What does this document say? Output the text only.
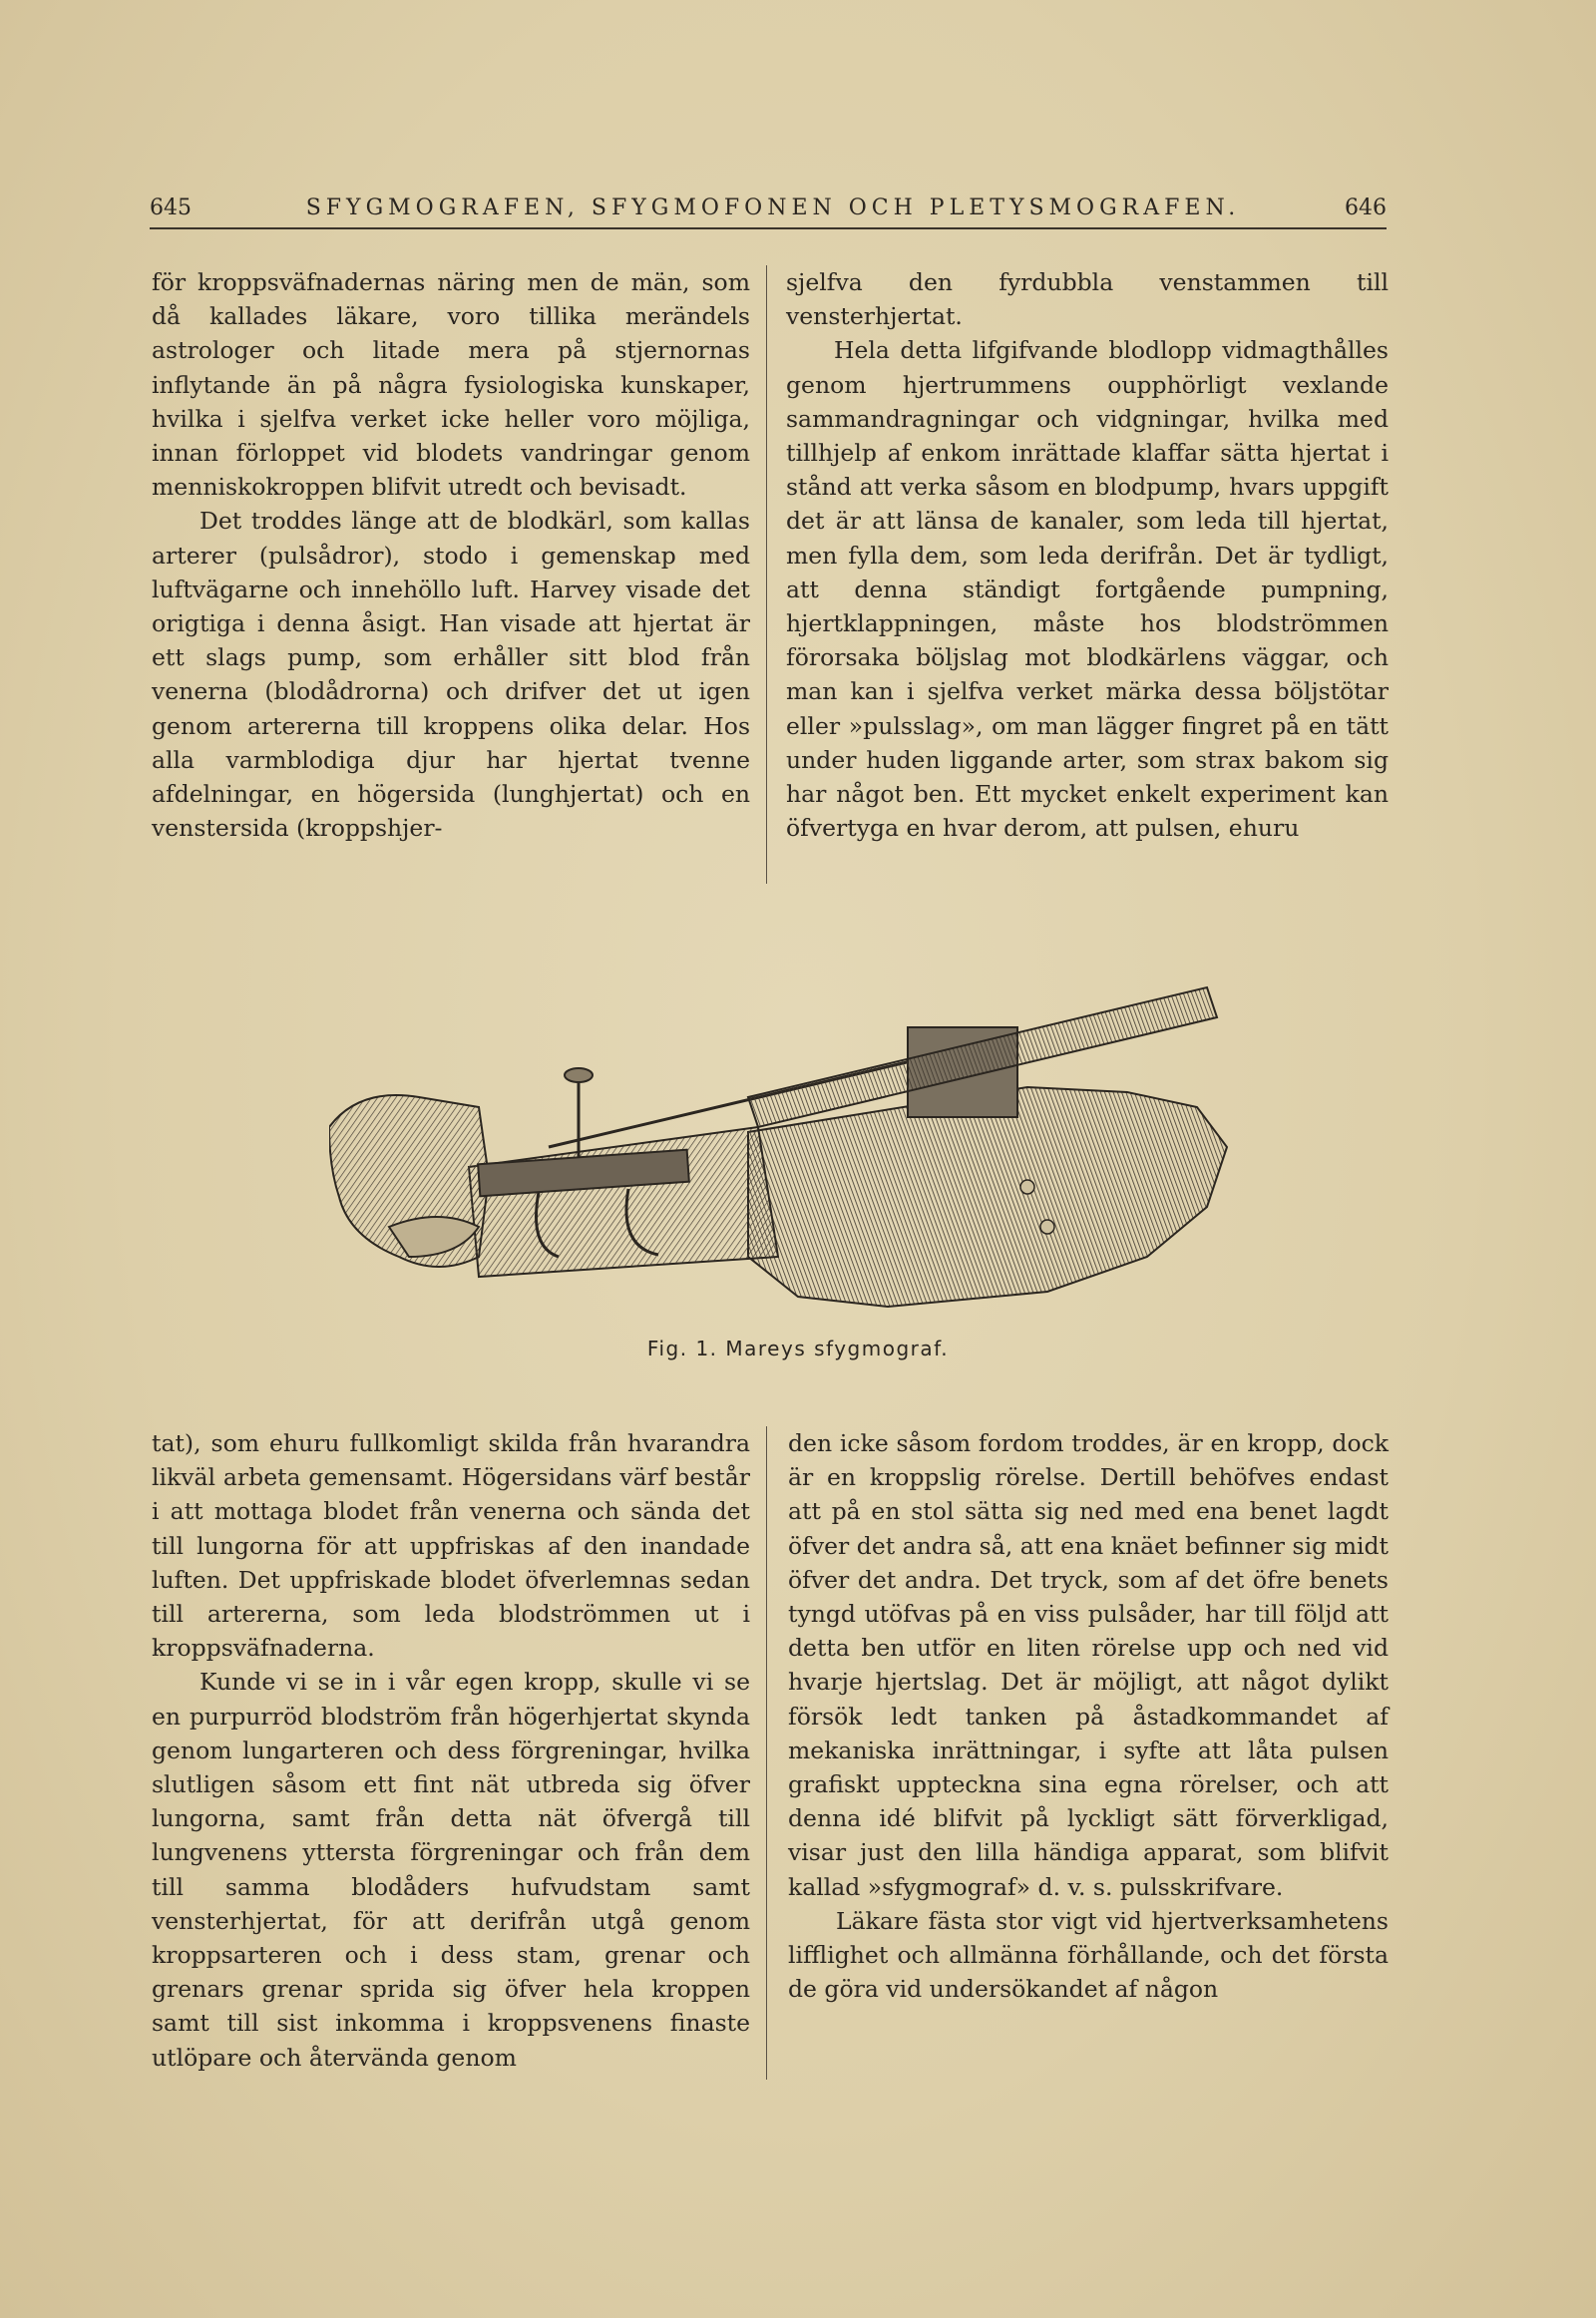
645	SFYGMOGRAFEN, SFYGMOFONEN OCH PLETYSMOGRAFEN.	646

för kroppsväfnadernas näring men de män, som då kallades läkare, voro tillika merändels astrologer och litade mera på stjernornas inflytande än på några fysiologiska kunskaper, hvilka i sjelfva verket icke heller voro möjliga, innan förloppet vid blodets vandringar genom menniskokroppen blifvit utredt och bevisadt.

Det troddes länge att de blodkärl, som kallas arterer (pulsådror), stodo i gemenskap med luftvägarne och innehöllo luft. Harvey visade det origtiga i denna åsigt. Han visade att hjertat är ett slags pump, som erhåller sitt blod från venerna (blodådrorna) och drifver det ut igen genom artererna till kroppens olika delar. Hos alla varmblodiga djur har hjertat tvenne afdelningar, en högersida (lunghjertat) och en venstersida (kroppshjer-

sjelfva den fyrdubbla venstammen till vensterhjertat.

Hela detta lifgifvande blodlopp vidmagthålles genom hjertrummens oupphörligt vexlande sammandragningar och vidgningar, hvilka med tillhjelp af enkom inrättade klaffar sätta hjertat i stånd att verka såsom en blodpump, hvars uppgift det är att länsa de kanaler, som leda till hjertat, men fylla dem, som leda derifrån. Det är tydligt, att denna ständigt fortgående pumpning, hjertklappningen, måste hos blodströmmen förorsaka böljslag mot blodkärlens väggar, och man kan i sjelfva verket märka dessa böljstötar eller »pulsslag», om man lägger fingret på en tätt under huden liggande arter, som strax bakom sig har något ben. Ett mycket enkelt experiment kan öfvertyga en hvar derom, att pulsen, ehuru

Fig. 1. Mareys sfygmograf.

tat), som ehuru fullkomligt skilda från hvarandra likväl arbeta gemensamt. Högersidans värf består i att mottaga blodet från venerna och sända det till lungorna för att uppfriskas af den inandade luften. Det uppfriskade blodet öfverlemnas sedan till artererna, som leda blodströmmen ut i kroppsväfnaderna.

Kunde vi se in i vår egen kropp, skulle vi se en purpurröd blodström från högerhjertat skynda genom lungarteren och dess förgreningar, hvilka slutligen såsom ett fint nät utbreda sig öfver lungorna, samt från detta nät öfvergå till lungvenens yttersta förgreningar och från dem till samma blodåders hufvudstam samt vensterhjertat, för att derifrån utgå genom kroppsarteren och i dess stam, grenar och grenars grenar sprida sig öfver hela kroppen samt till sist inkomma i kroppsvenens finaste utlöpare och återvända genom

den icke såsom fordom troddes, är en kropp, dock är en kroppslig rörelse. Dertill behöfves endast att på en stol sätta sig ned med ena benet lagdt öfver det andra så, att ena knäet befinner sig midt öfver det andra. Det tryck, som af det öfre benets tyngd utöfvas på en viss pulsåder, har till följd att detta ben utför en liten rörelse upp och ned vid hvarje hjertslag. Det är möjligt, att något dylikt försök ledt tanken på åstadkommandet af mekaniska inrättningar, i syfte att låta pulsen grafiskt uppteckna sina egna rörelser, och att denna idé blifvit på lyckligt sätt förverkligad, visar just den lilla händiga apparat, som blifvit kallad »sfygmograf» d. v. s. pulsskrifvare.

Läkare fästa stor vigt vid hjertverksamhetens lifflighet och allmänna förhållande, och det första de göra vid undersökandet af någon
